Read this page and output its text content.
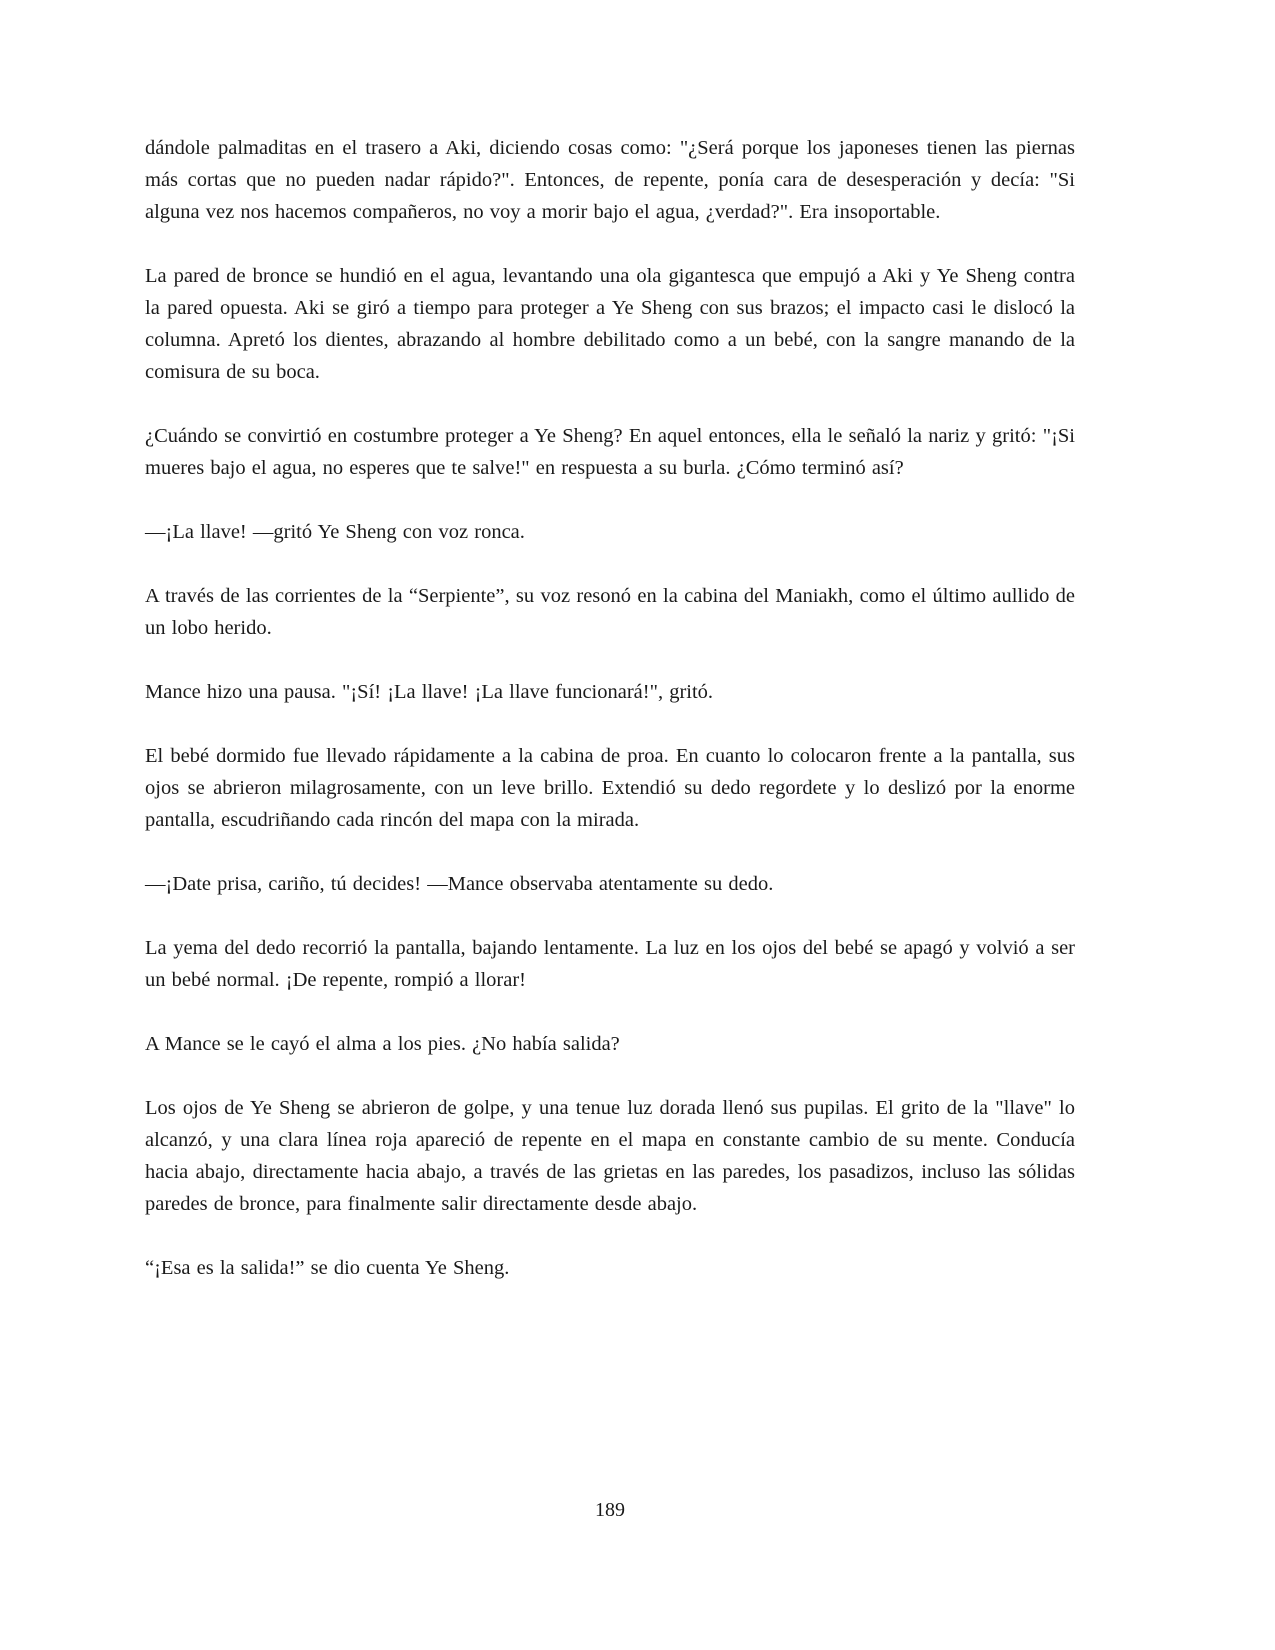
dándole palmaditas en el trasero a Aki, diciendo cosas como: "¿Será porque los japoneses tienen las piernas más cortas que no pueden nadar rápido?". Entonces, de repente, ponía cara de desesperación y decía: "Si alguna vez nos hacemos compañeros, no voy a morir bajo el agua, ¿verdad?". Era insoportable.

La pared de bronce se hundió en el agua, levantando una ola gigantesca que empujó a Aki y Ye Sheng contra la pared opuesta. Aki se giró a tiempo para proteger a Ye Sheng con sus brazos; el impacto casi le dislocó la columna. Apretó los dientes, abrazando al hombre debilitado como a un bebé, con la sangre manando de la comisura de su boca.

¿Cuándo se convirtió en costumbre proteger a Ye Sheng? En aquel entonces, ella le señaló la nariz y gritó: "¡Si mueres bajo el agua, no esperes que te salve!" en respuesta a su burla. ¿Cómo terminó así?

—¡La llave! —gritó Ye Sheng con voz ronca.

A través de las corrientes de la “Serpiente”, su voz resonó en la cabina del Maniakh, como el último aullido de un lobo herido.

Mance hizo una pausa. "¡Sí! ¡La llave! ¡La llave funcionará!", gritó.

El bebé dormido fue llevado rápidamente a la cabina de proa. En cuanto lo colocaron frente a la pantalla, sus ojos se abrieron milagrosamente, con un leve brillo. Extendió su dedo regordete y lo deslizó por la enorme pantalla, escudriñando cada rincón del mapa con la mirada.

—¡Date prisa, cariño, tú decides! —Mance observaba atentamente su dedo.

La yema del dedo recorrió la pantalla, bajando lentamente. La luz en los ojos del bebé se apagó y volvió a ser un bebé normal. ¡De repente, rompió a llorar!

A Mance se le cayó el alma a los pies. ¿No había salida?

Los ojos de Ye Sheng se abrieron de golpe, y una tenue luz dorada llenó sus pupilas. El grito de la "llave" lo alcanzó, y una clara línea roja apareció de repente en el mapa en constante cambio de su mente. Conducía hacia abajo, directamente hacia abajo, a través de las grietas en las paredes, los pasadizos, incluso las sólidas paredes de bronce, para finalmente salir directamente desde abajo.

“¡Esa es la salida!” se dio cuenta Ye Sheng.

189
